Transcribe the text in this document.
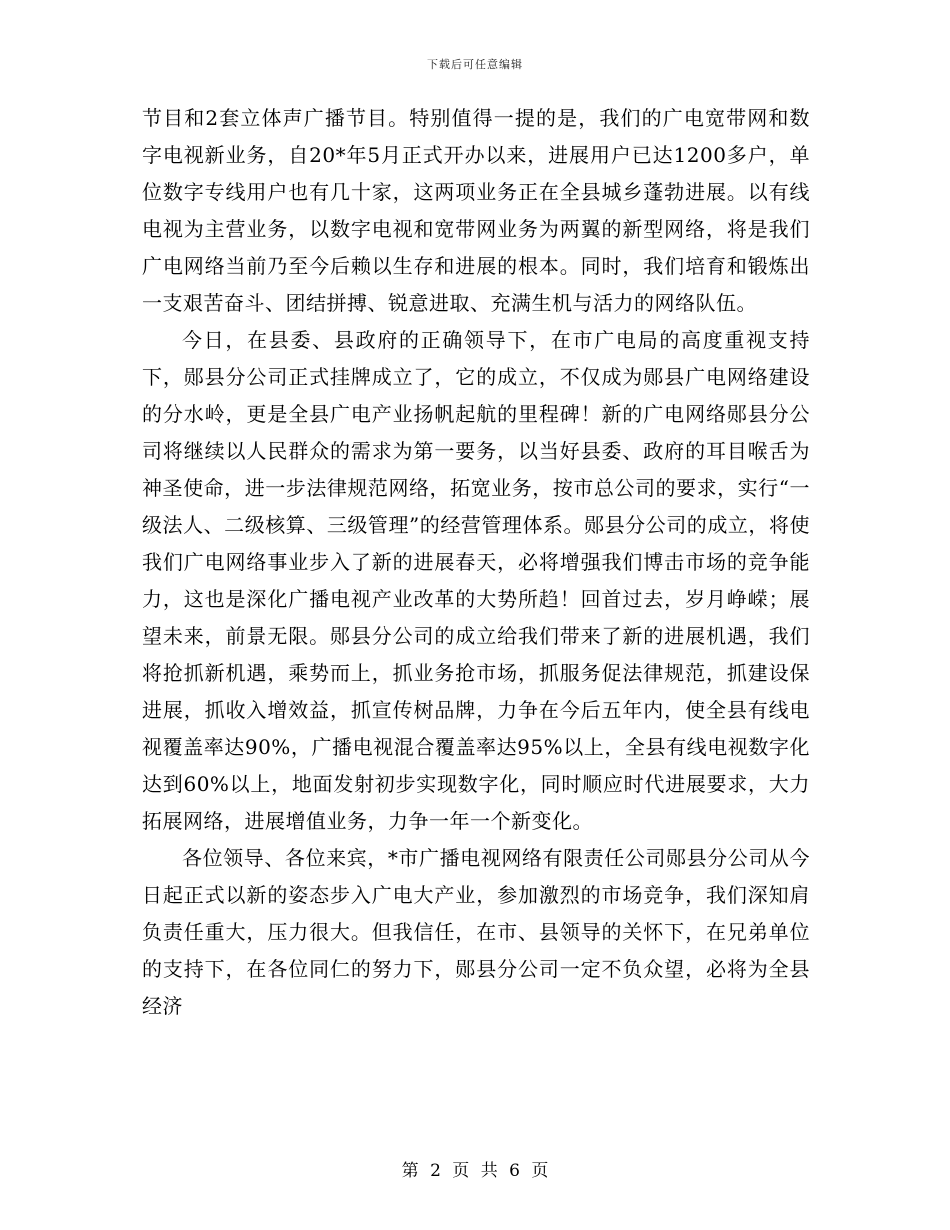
下载后可任意编辑

节目和2套立体声广播节目。特别值得一提的是，我们的广电宽带网和数字电视新业务，自20*年5月正式开办以来，进展用户已达1200多户，单位数字专线用户也有几十家，这两项业务正在全县城乡蓬勃进展。以有线电视为主营业务，以数字电视和宽带网业务为两翼的新型网络，将是我们广电网络当前乃至今后赖以生存和进展的根本。同时，我们培育和锻炼出一支艰苦奋斗、团结拼搏、锐意进取、充满生机与活力的网络队伍。

今日，在县委、县政府的正确领导下，在市广电局的高度重视支持下，郧县分公司正式挂牌成立了，它的成立，不仅成为郧县广电网络建设的分水岭，更是全县广电产业扬帆起航的里程碑！新的广电网络郧县分公司将继续以人民群众的需求为第一要务，以当好县委、政府的耳目喉舌为神圣使命，进一步法律规范网络，拓宽业务，按市总公司的要求，实行“一级法人、二级核算、三级管理”的经营管理体系。郧县分公司的成立，将使我们广电网络事业步入了新的进展春天，必将增强我们博击市场的竞争能力，这也是深化广播电视产业改革的大势所趋！回首过去，岁月峥嵘；展望未来，前景无限。郧县分公司的成立给我们带来了新的进展机遇，我们将抢抓新机遇，乘势而上，抓业务抢市场，抓服务促法律规范，抓建设保进展，抓收入增效益，抓宣传树品牌，力争在今后五年内，使全县有线电视覆盖率达90%，广播电视混合覆盖率达95%以上，全县有线电视数字化达到60%以上，地面发射初步实现数字化，同时顺应时代进展要求，大力拓展网络，进展增值业务，力争一年一个新变化。

各位领导、各位来宾，*市广播电视网络有限责任公司郧县分公司从今日起正式以新的姿态步入广电大产业，参加激烈的市场竞争，我们深知肩负责任重大，压力很大。但我信任，在市、县领导的关怀下，在兄弟单位的支持下，在各位同仁的努力下，郧县分公司一定不负众望，必将为全县经济

第 2 页 共 6 页
